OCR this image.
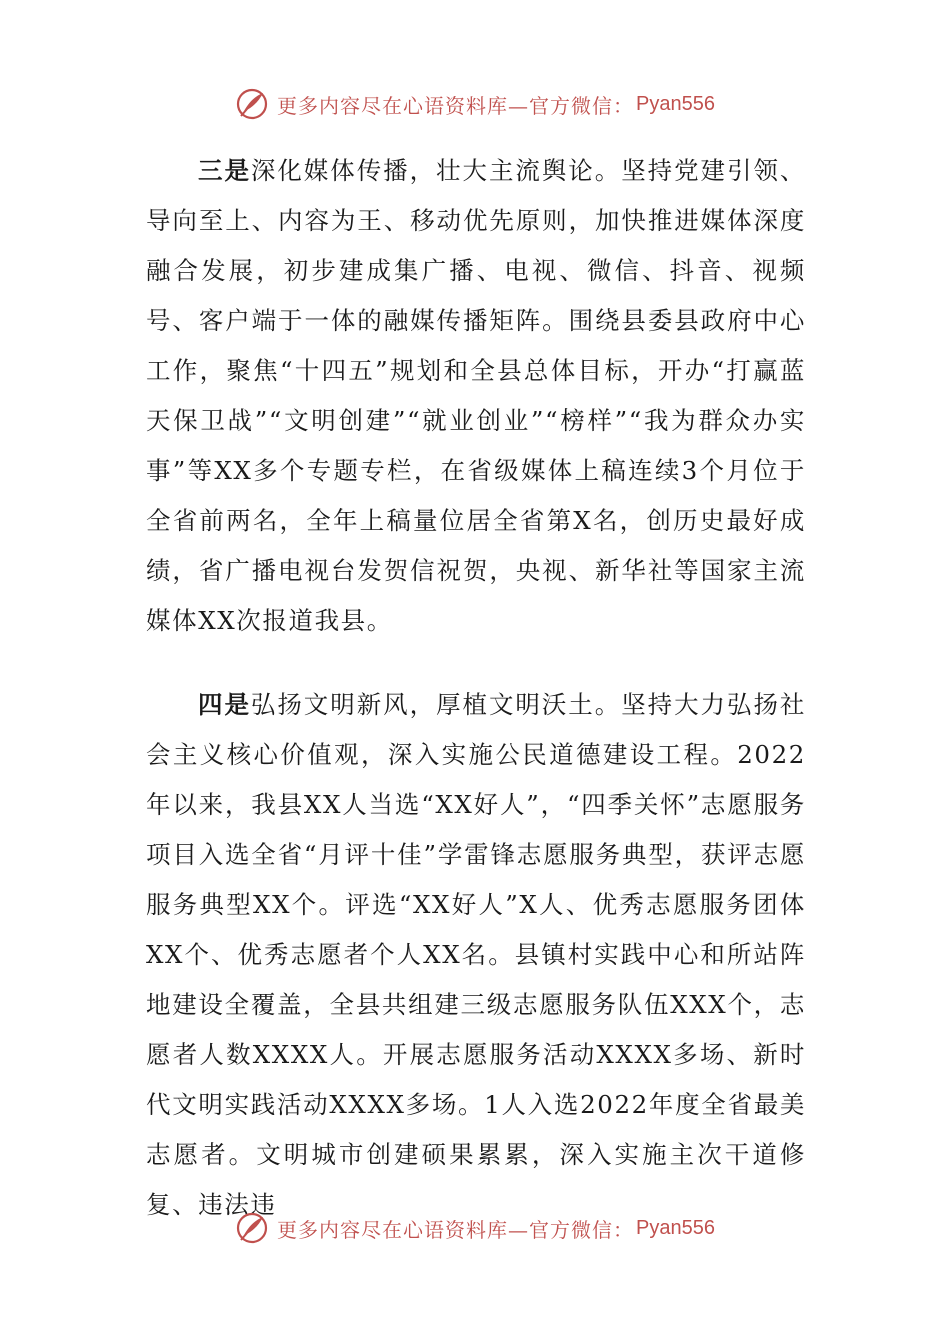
更多内容尽在心语资料库—官方微信： Pyan556

三是深化媒体传播，壮大主流舆论。坚持党建引领、导向至上、内容为王、移动优先原则，加快推进媒体深度融合发展，初步建成集广播、电视、微信、抖音、视频号、客户端于一体的融媒传播矩阵。围绕县委县政府中心工作，聚焦“十四五”规划和全县总体目标，开办“打赢蓝天保卫战”“文明创建”“就业创业”“榜样”“我为群众办实事”等XX多个专题专栏，在省级媒体上稿连续3个月位于全省前两名，全年上稿量位居全省第X名，创历史最好成绩，省广播电视台发贺信祝贺，央视、新华社等国家主流媒体XX次报道我县。

四是弘扬文明新风，厚植文明沃土。坚持大力弘扬社会主义核心价值观，深入实施公民道德建设工程。2022年以来，我县XX人当选“XX好人”，“四季关怀”志愿服务项目入选全省“月评十佳”学雷锋志愿服务典型，获评志愿服务典型XX个。评选“XX好人”X人、优秀志愿服务团体XX个、优秀志愿者个人XX名。县镇村实践中心和所站阵地建设全覆盖，全县共组建三级志愿服务队伍XXX个，志愿者人数XXXX人。开展志愿服务活动XXXX多场、新时代文明实践活动XXXX多场。1人入选2022年度全省最美志愿者。文明城市创建硕果累累，深入实施主次干道修复、违法违

更多内容尽在心语资料库—官方微信： Pyan556
